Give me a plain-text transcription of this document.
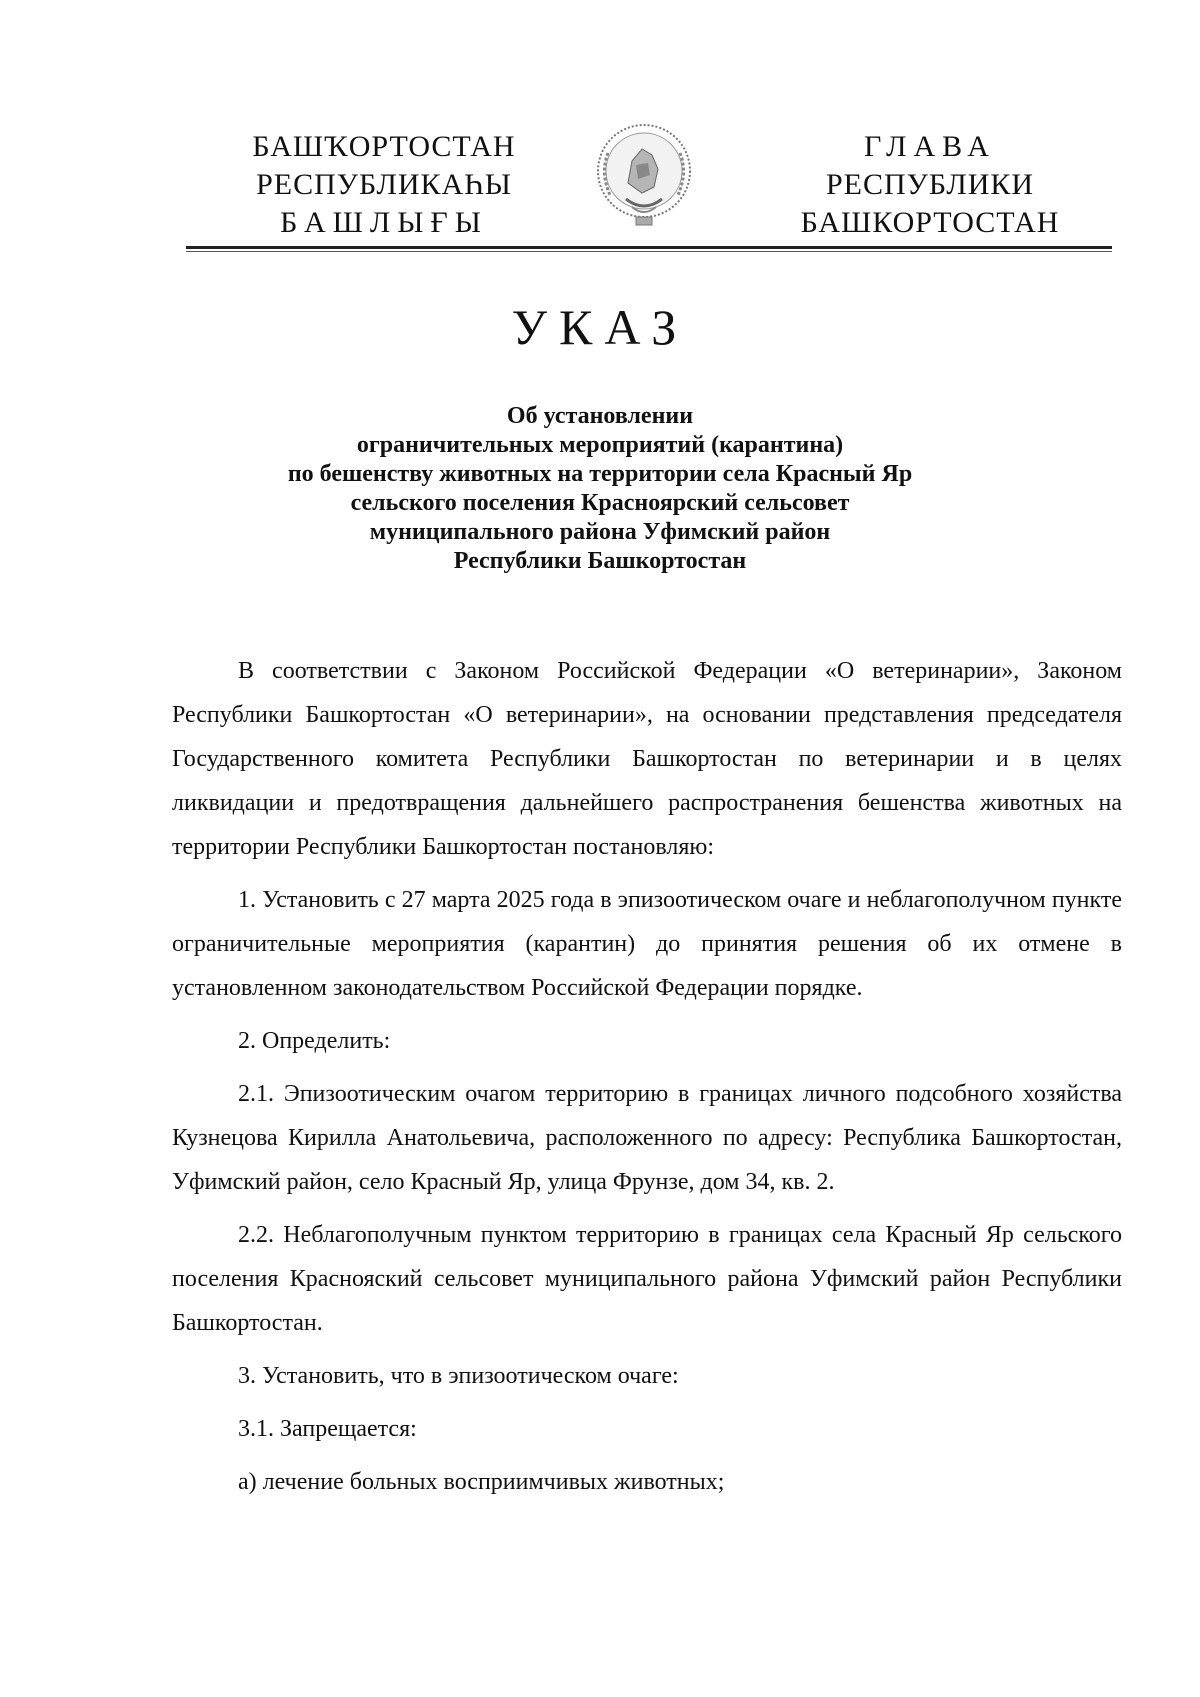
БАШҠОРТОСТАН
РЕСПУБЛИКАҺЫ
БАШЛЫҒЫ
ГЛАВА
РЕСПУБЛИКИ
БАШКОРТОСТАН
УКАЗ
Об установлении
ограничительных мероприятий (карантина)
по бешенству животных на территории села Красный Яр
сельского поселения Красноярский сельсовет
муниципального района Уфимский район
Республики Башкортостан

В соответствии с Законом Российской Федерации «О ветеринарии», Законом Республики Башкортостан «О ветеринарии», на основании представления председателя Государственного комитета Республики Башкортостан по ветеринарии и в целях ликвидации и предотвращения дальнейшего распространения бешенства животных на территории Республики Башкортостан постановляю:

1. Установить с 27 марта 2025 года в эпизоотическом очаге и неблагополучном пункте ограничительные мероприятия (карантин) до принятия решения об их отмене в установленном законодательством Российской Федерации порядке.

2. Определить:

2.1. Эпизоотическим очагом территорию в границах личного подсобного хозяйства Кузнецова Кирилла Анатольевича, расположенного по адресу: Республика Башкортостан, Уфимский район, село Красный Яр, улица Фрунзе, дом 34, кв. 2.

2.2. Неблагополучным пунктом территорию в границах села Красный Яр сельского поселения Краснояский сельсовет муниципального района Уфимский район Республики Башкортостан.

3. Установить, что в эпизоотическом очаге:

3.1. Запрещается:

а) лечение больных восприимчивых животных;
